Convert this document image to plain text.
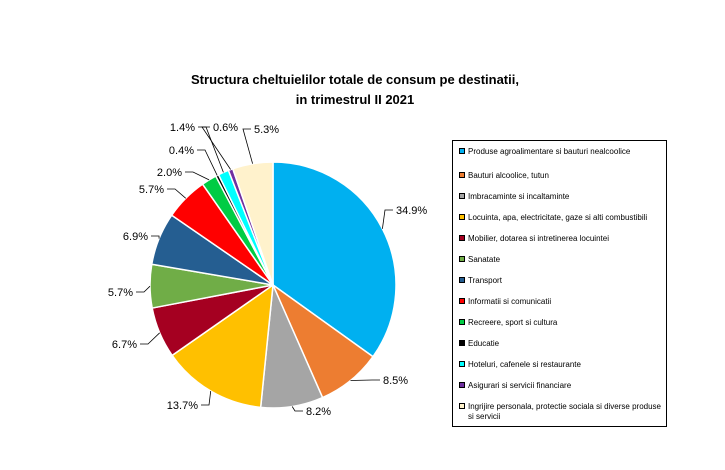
Structura cheltuielilor totale de consum pe destinatii,
in trimestrul II 2021
34.9%
8.5%
8.2%
13.7%
6.7%
5.7%
6.9%
5.7%
2.0%
0.4%
1.4% 0.6% 5.3%
Produse agroalimentare si bauturi nealcoolice
Bauturi alcoolice, tutun
Imbracaminte si incaltaminte
Locuinta, apa, electricitate, gaze si alti combustibili
Mobilier, dotarea si intretinerea locuintei
Sanatate
Transport
Informatii si comunicatii
Recreere, sport si cultura
Educatie
Hoteluri, cafenele si restaurante
Asigurari si servicii financiare
Ingrijire personala, protectie sociala si diverse produse si servicii
